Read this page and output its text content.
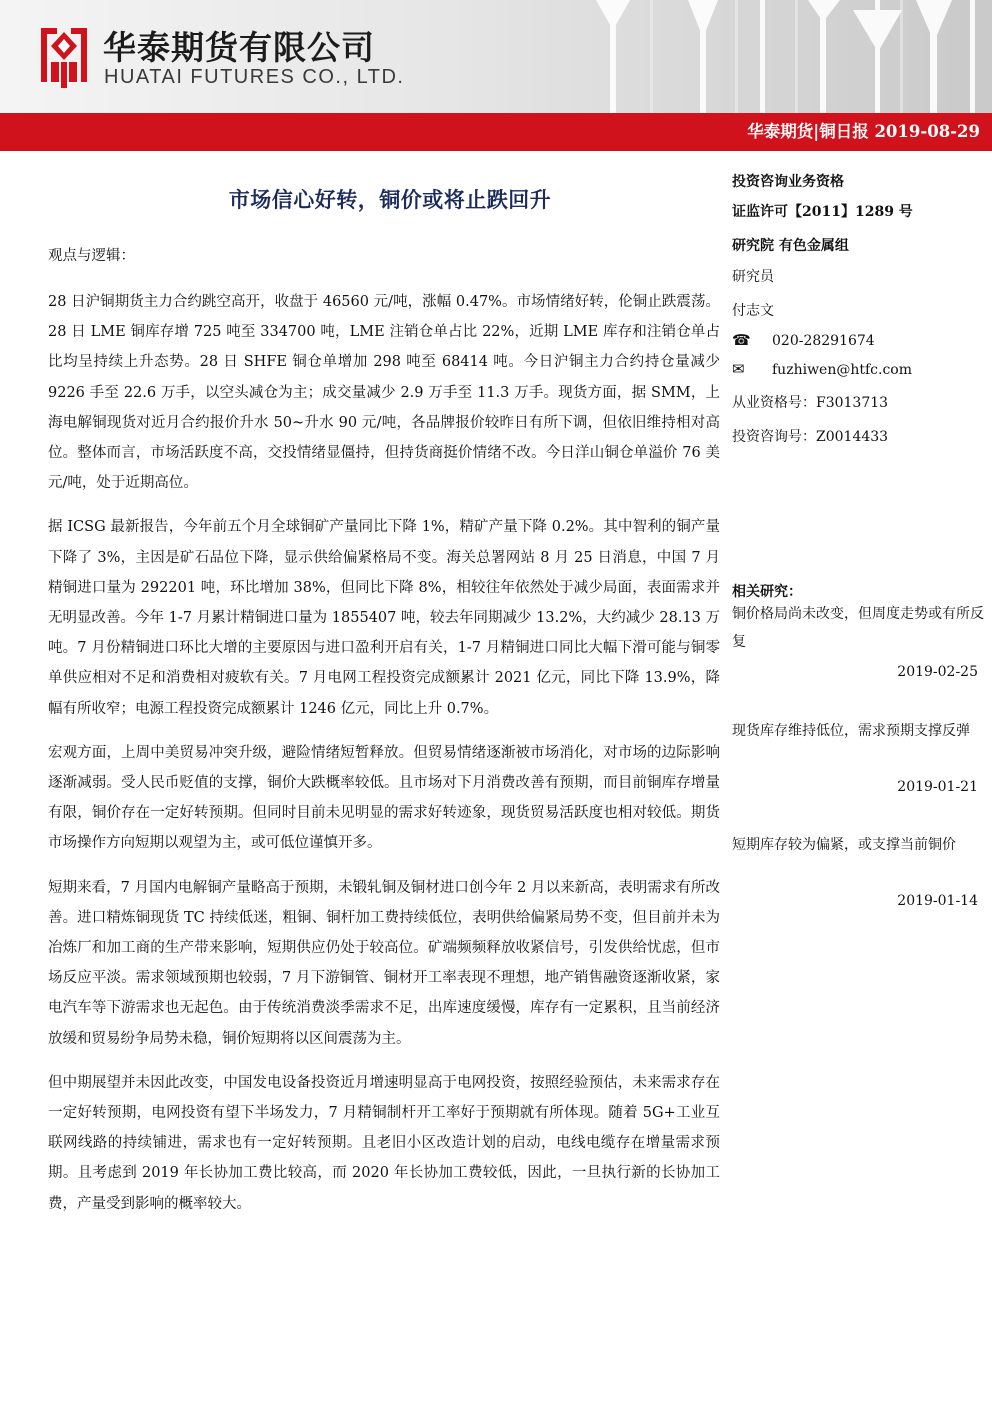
华泰期货有限公司
HUATAI FUTURES CO., LTD.
华泰期货|铜日报 2019-08-29
市场信心好转，铜价或将止跌回升
观点与逻辑：

28 日沪铜期货主力合约跳空高开，收盘于 46560 元/吨，涨幅 0.47%。市场情绪好转，伦铜止跌震荡。28 日 LME 铜库存增 725 吨至 334700 吨，LME 注销仓单占比 22%，近期 LME 库存和注销仓单占比均呈持续上升态势。28 日 SHFE 铜仓单增加 298 吨至 68414 吨。今日沪铜主力合约持仓量减少 9226 手至 22.6 万手，以空头减仓为主；成交量减少 2.9 万手至 11.3 万手。现货方面，据 SMM，上海电解铜现货对近月合约报价升水 50~升水 90 元/吨，各品牌报价较昨日有所下调，但依旧维持相对高位。整体而言，市场活跃度不高，交投情绪显僵持，但持货商挺价情绪不改。今日洋山铜仓单溢价 76 美元/吨，处于近期高位。

据 ICSG 最新报告，今年前五个月全球铜矿产量同比下降 1%，精矿产量下降 0.2%。其中智利的铜产量下降了 3%，主因是矿石品位下降，显示供给偏紧格局不变。海关总署网站 8 月 25 日消息，中国 7 月精铜进口量为 292201 吨，环比增加 38%，但同比下降 8%，相较往年依然处于减少局面，表面需求并无明显改善。今年 1-7 月累计精铜进口量为 1855407 吨，较去年同期减少 13.2%，大约减少 28.13 万吨。7 月份精铜进口环比大增的主要原因与进口盈利开启有关，1-7 月精铜进口同比大幅下滑可能与铜零单供应相对不足和消费相对疲软有关。7 月电网工程投资完成额累计 2021 亿元，同比下降 13.9%，降幅有所收窄；电源工程投资完成额累计 1246 亿元，同比上升 0.7%。

宏观方面，上周中美贸易冲突升级，避险情绪短暂释放。但贸易情绪逐渐被市场消化，对市场的边际影响逐渐减弱。受人民币贬值的支撑，铜价大跌概率较低。且市场对下月消费改善有预期，而目前铜库存增量有限，铜价存在一定好转预期。但同时目前未见明显的需求好转迹象，现货贸易活跃度也相对较低。期货市场操作方向短期以观望为主，或可低位谨慎开多。

短期来看，7 月国内电解铜产量略高于预期，未锻轧铜及铜材进口创今年 2 月以来新高，表明需求有所改善。进口精炼铜现货 TC 持续低迷，粗铜、铜杆加工费持续低位，表明供给偏紧局势不变，但目前并未为冶炼厂和加工商的生产带来影响，短期供应仍处于较高位。矿端频频释放收紧信号，引发供给忧虑，但市场反应平淡。需求领域预期也较弱，7 月下游铜管、铜材开工率表现不理想，地产销售融资逐渐收紧，家电汽车等下游需求也无起色。由于传统消费淡季需求不足，出库速度缓慢，库存有一定累积，且当前经济放缓和贸易纷争局势未稳，铜价短期将以区间震荡为主。

但中期展望并未因此改变，中国发电设备投资近月增速明显高于电网投资，按照经验预估，未来需求存在一定好转预期，电网投资有望下半场发力，7 月精铜制杆开工率好于预期就有所体现。随着 5G+工业互联网线路的持续铺进，需求也有一定好转预期。且老旧小区改造计划的启动，电线电缆存在增量需求预期。且考虑到 2019 年长协加工费比较高，而 2020 年长协加工费较低，因此，一旦执行新的长协加工费，产量受到影响的概率较大。

投资咨询业务资格
证监许可【2011】1289 号
研究院 有色金属组
研究员
付志文
☎ 020-28291674
✉ fuzhiwen@htfc.com
从业资格号：F3013713
投资咨询号：Z0014433
相关研究：
铜价格局尚未改变，但周度走势或有所反复
2019-02-25
现货库存维持低位，需求预期支撑反弹
2019-01-21
短期库存较为偏紧，或支撑当前铜价
2019-01-14
